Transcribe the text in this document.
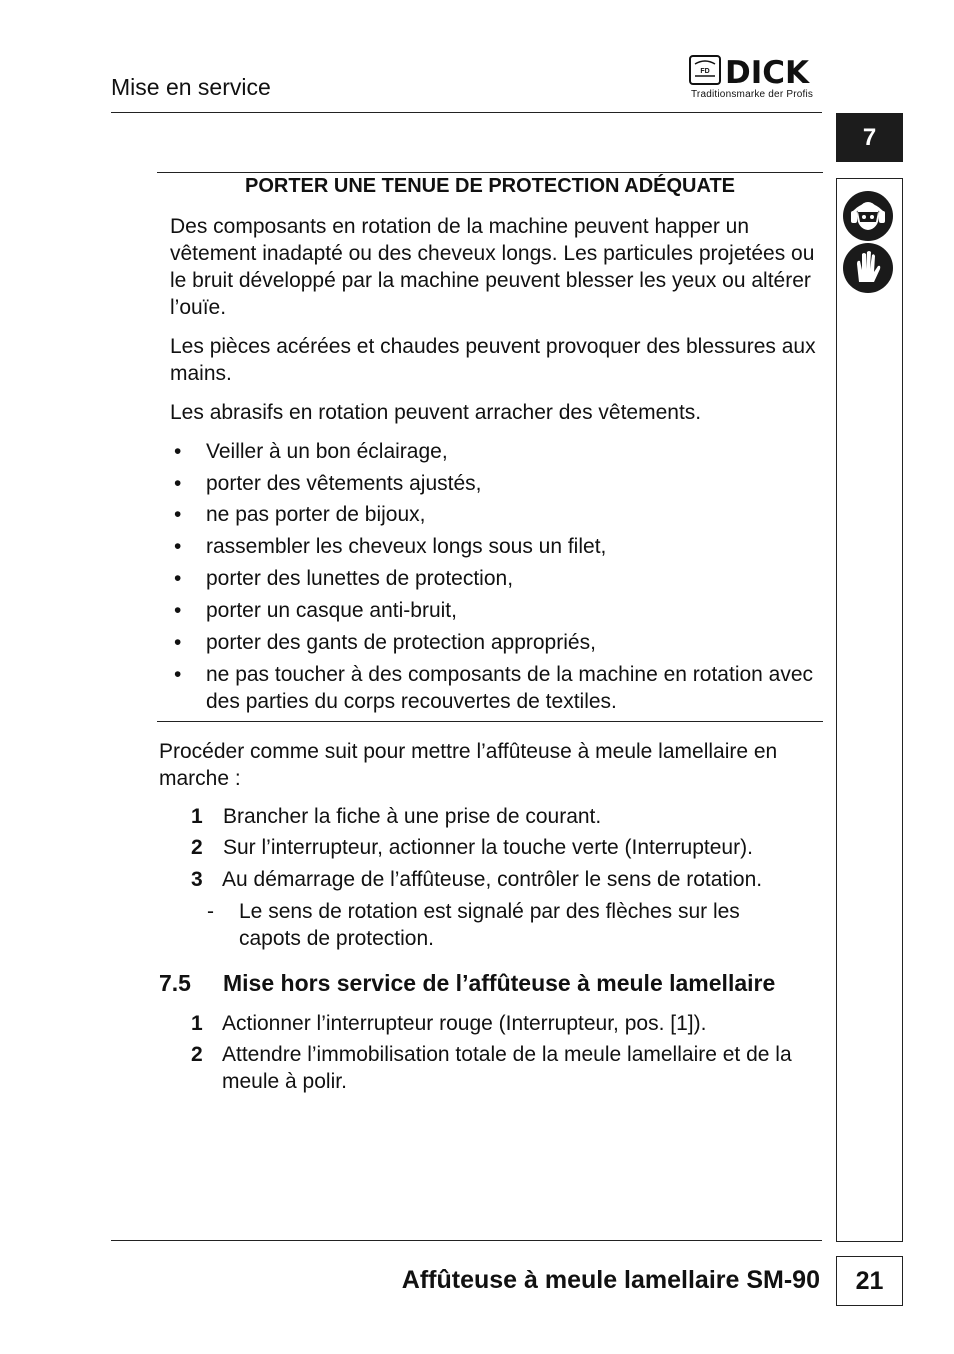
Mise en service
FD DICK
Traditionsmarke der Profis
7
PORTER UNE TENUE DE PROTECTION ADÉQUATE
Des composants en rotation de la machine peuvent happer un vêtement inadapté ou des cheveux longs. Les particules projetées ou le bruit développé par la machine peuvent blesser les yeux ou altérer l’ouïe.
Les pièces acérées et chaudes peuvent provoquer des blessures aux mains.
Les abrasifs en rotation peuvent arracher des vêtements.
• Veiller à un bon éclairage,
• porter des vêtements ajustés,
• ne pas porter de bijoux,
• rassembler les cheveux longs sous un filet,
• porter des lunettes de protection,
• porter un casque anti-bruit,
• porter des gants de protection appropriés,
• ne pas toucher à des composants de la machine en rotation avec des parties du corps recouvertes de textiles.
Procéder comme suit pour mettre l’affûteuse à meule lamellaire en marche :
1 Brancher la fiche à une prise de courant.
2 Sur l’interrupteur, actionner la touche verte (Interrupteur).
3 Au démarrage de l’affûteuse, contrôler le sens de rotation.
- Le sens de rotation est signalé par des flèches sur les capots de protection.
7.5 Mise hors service de l’affûteuse à meule lamellaire
1 Actionner l’interrupteur rouge (Interrupteur, pos. [1]).
2 Attendre l’immobilisation totale de la meule lamellaire et de la meule à polir.
Affûteuse à meule lamellaire SM-90	21
